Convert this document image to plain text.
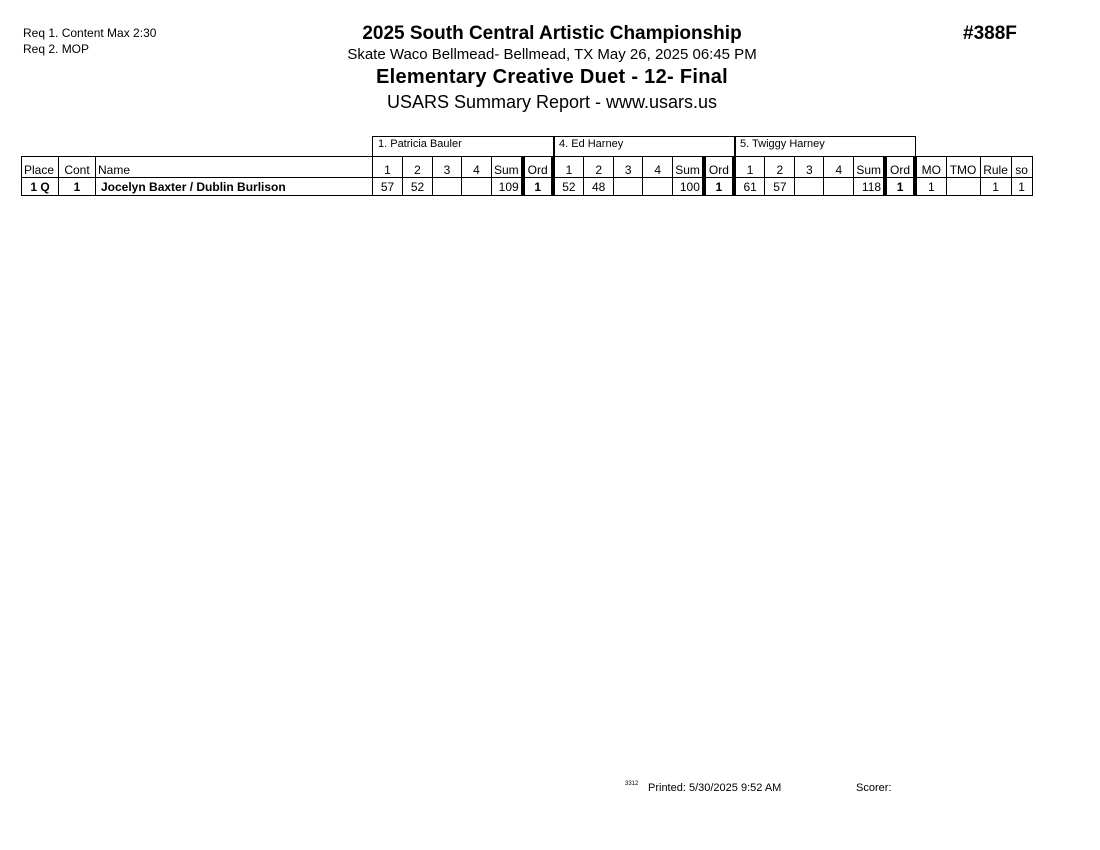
Req 1. Content Max 2:30
Req 2. MOP
2025 South Central Artistic Championship
Skate Waco Bellmead- Bellmead, TX May 26, 2025 06:45 PM
Elementary Creative Duet - 12- Final
USARS Summary Report - www.usars.us
#388F
1. Patricia Bauler	4. Ed Harney	5. Twiggy Harney
Place	Cont	Name	1	2	3	4	Sum	Ord	1	2	3	4	Sum	Ord	1	2	3	4	Sum	Ord	MO	TMO	Rule	so
1 Q	1	Jocelyn Baxter / Dublin Burlison	57	52			109	1	52	48			100	1	61	57			118	1	1		1	1
3312 Printed: 5/30/2025 9:52 AM	Scorer:
